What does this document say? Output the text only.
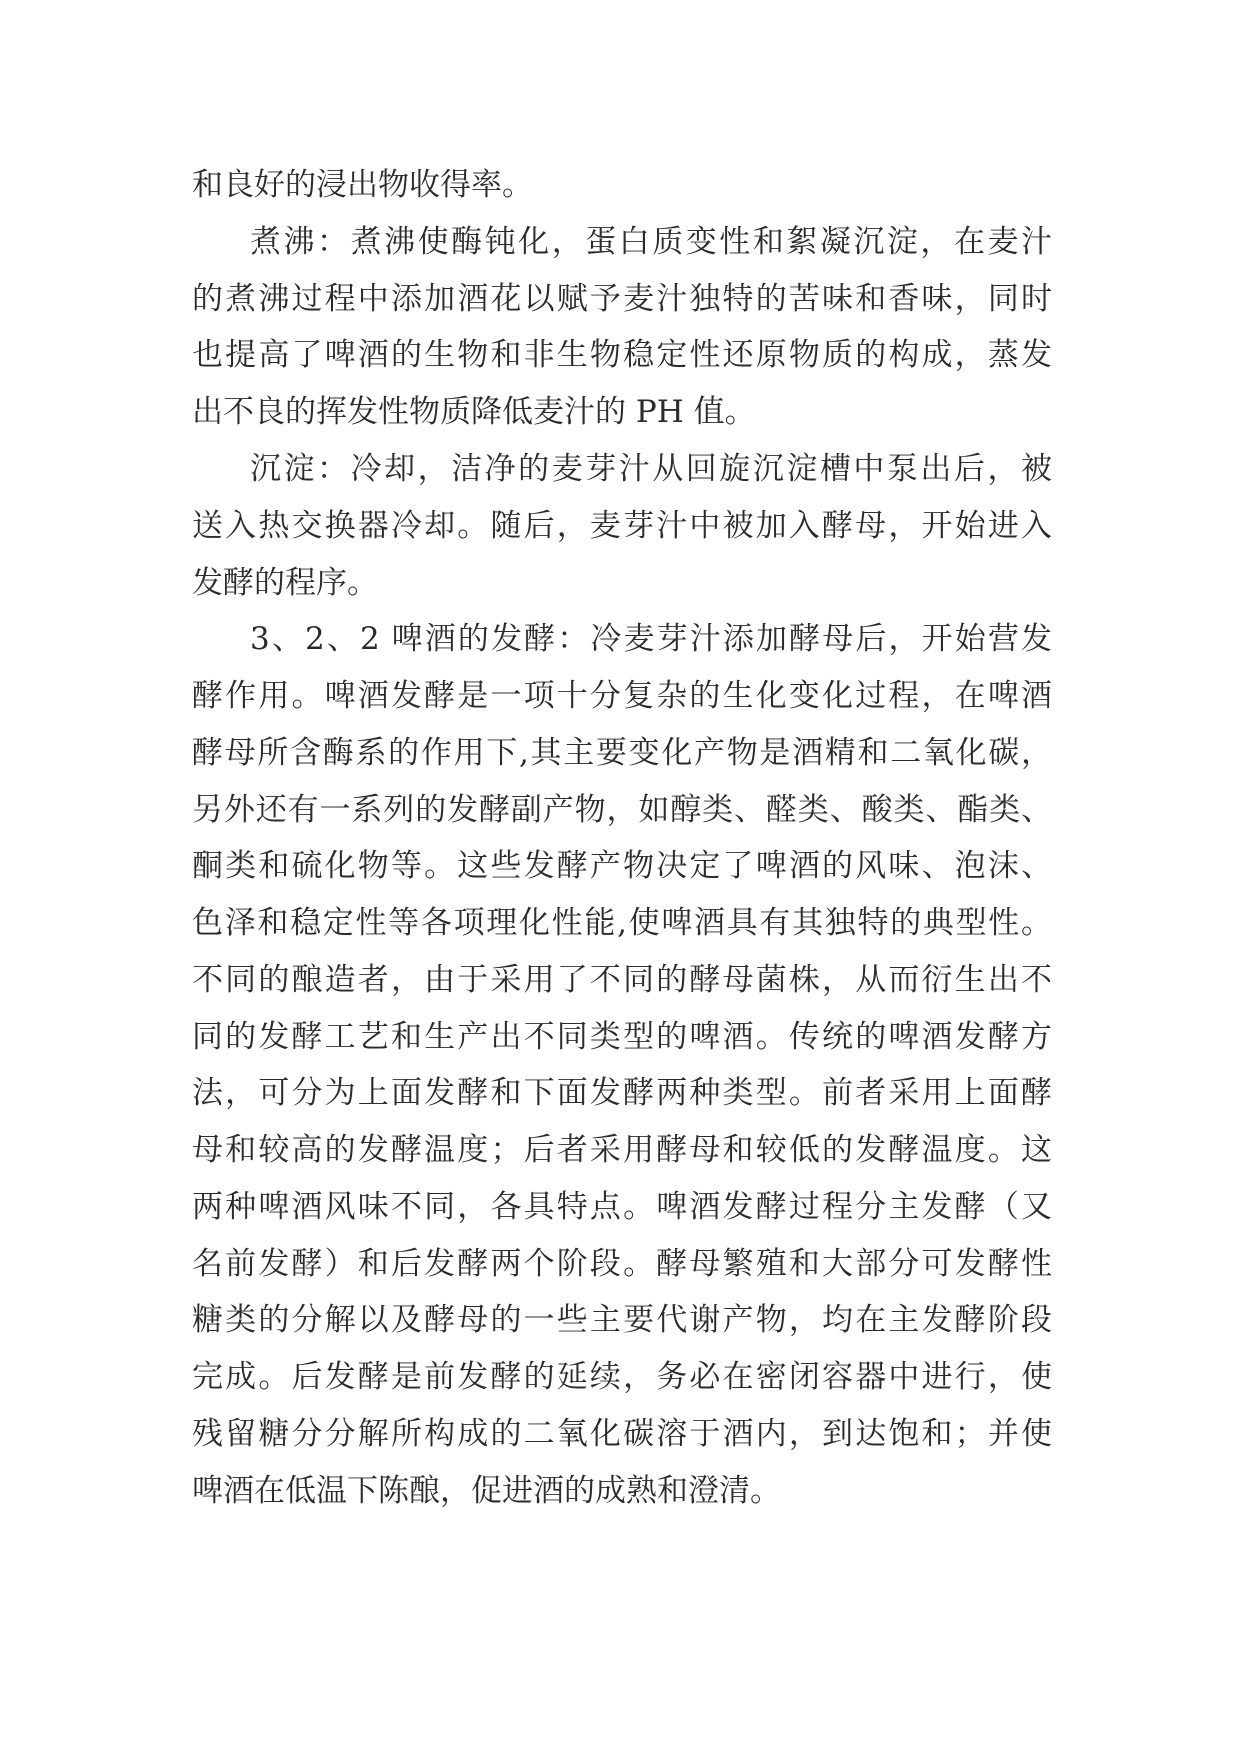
和良好的浸出物收得率。
煮沸：煮沸使酶钝化，蛋白质变性和絮凝沉淀，在麦汁
的煮沸过程中添加酒花以赋予麦汁独特的苦味和香味，同时
也提高了啤酒的生物和非生物稳定性还原物质的构成，蒸发
出不良的挥发性物质降低麦汁的 PH 值。
沉淀：冷却，洁净的麦芽汁从回旋沉淀槽中泵出后，被
送入热交换器冷却。随后，麦芽汁中被加入酵母，开始进入
发酵的程序。
3、2、2 啤酒的发酵：冷麦芽汁添加酵母后，开始营发
酵作用。啤酒发酵是一项十分复杂的生化变化过程，在啤酒
酵母所含酶系的作用下,其主要变化产物是酒精和二氧化碳，
另外还有一系列的发酵副产物，如醇类、醛类、酸类、酯类、
酮类和硫化物等。这些发酵产物决定了啤酒的风味、泡沫、
色泽和稳定性等各项理化性能,使啤酒具有其独特的典型性。
不同的酿造者，由于采用了不同的酵母菌株，从而衍生出不
同的发酵工艺和生产出不同类型的啤酒。传统的啤酒发酵方
法，可分为上面发酵和下面发酵两种类型。前者采用上面酵
母和较高的发酵温度；后者采用酵母和较低的发酵温度。这
两种啤酒风味不同，各具特点。啤酒发酵过程分主发酵（又
名前发酵）和后发酵两个阶段。酵母繁殖和大部分可发酵性
糖类的分解以及酵母的一些主要代谢产物，均在主发酵阶段
完成。后发酵是前发酵的延续，务必在密闭容器中进行，使
残留糖分分解所构成的二氧化碳溶于酒内，到达饱和；并使
啤酒在低温下陈酿，促进酒的成熟和澄清。
